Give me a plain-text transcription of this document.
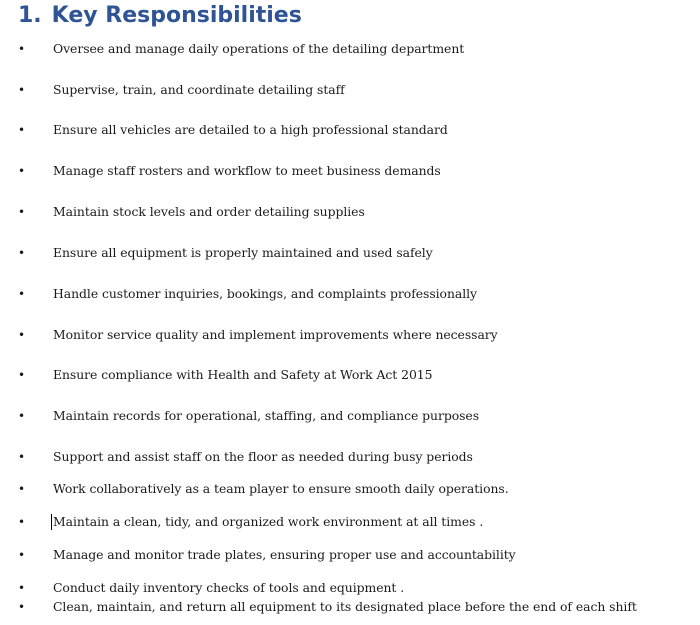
1. Key Responsibilities
• Oversee and manage daily operations of the detailing department
• Supervise, train, and coordinate detailing staff
• Ensure all vehicles are detailed to a high professional standard
• Manage staff rosters and workflow to meet business demands
• Maintain stock levels and order detailing supplies
• Ensure all equipment is properly maintained and used safely
• Handle customer inquiries, bookings, and complaints professionally
• Monitor service quality and implement improvements where necessary
• Ensure compliance with Health and Safety at Work Act 2015
• Maintain records for operational, staffing, and compliance purposes
• Support and assist staff on the floor as needed during busy periods
• Work collaboratively as a team player to ensure smooth daily operations.
• Maintain a clean, tidy, and organized work environment at all times .
• Manage and monitor trade plates, ensuring proper use and accountability
• Conduct daily inventory checks of tools and equipment .
• Clean, maintain, and return all equipment to its designated place before the end of each shift
